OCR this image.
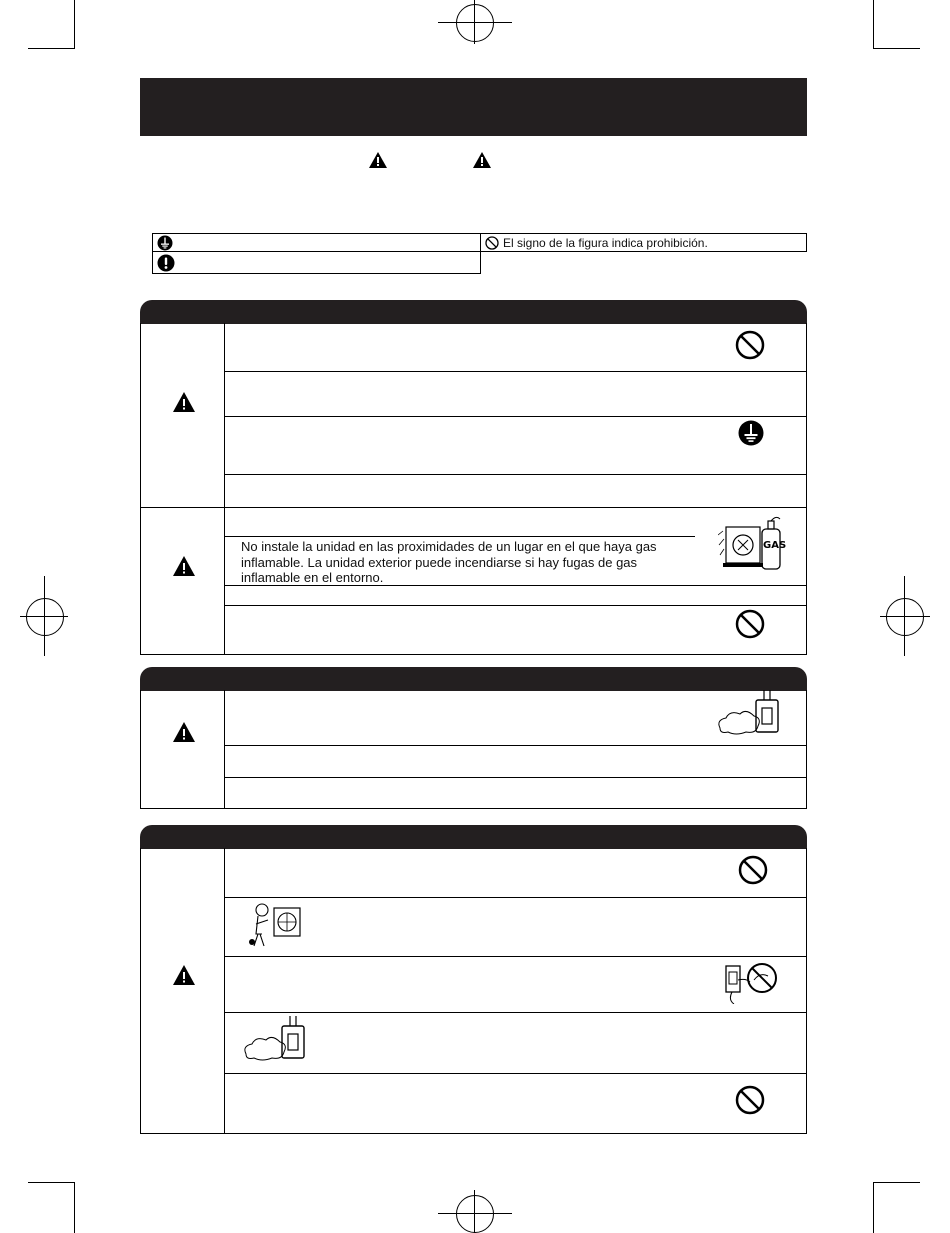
El signo de la figura indica prohibición.
GAS
No instale la unidad en las proximidades de un lugar en el que haya gas
inflamable. La unidad exterior puede incendiarse si hay fugas de gas
inflamable en el entorno.
